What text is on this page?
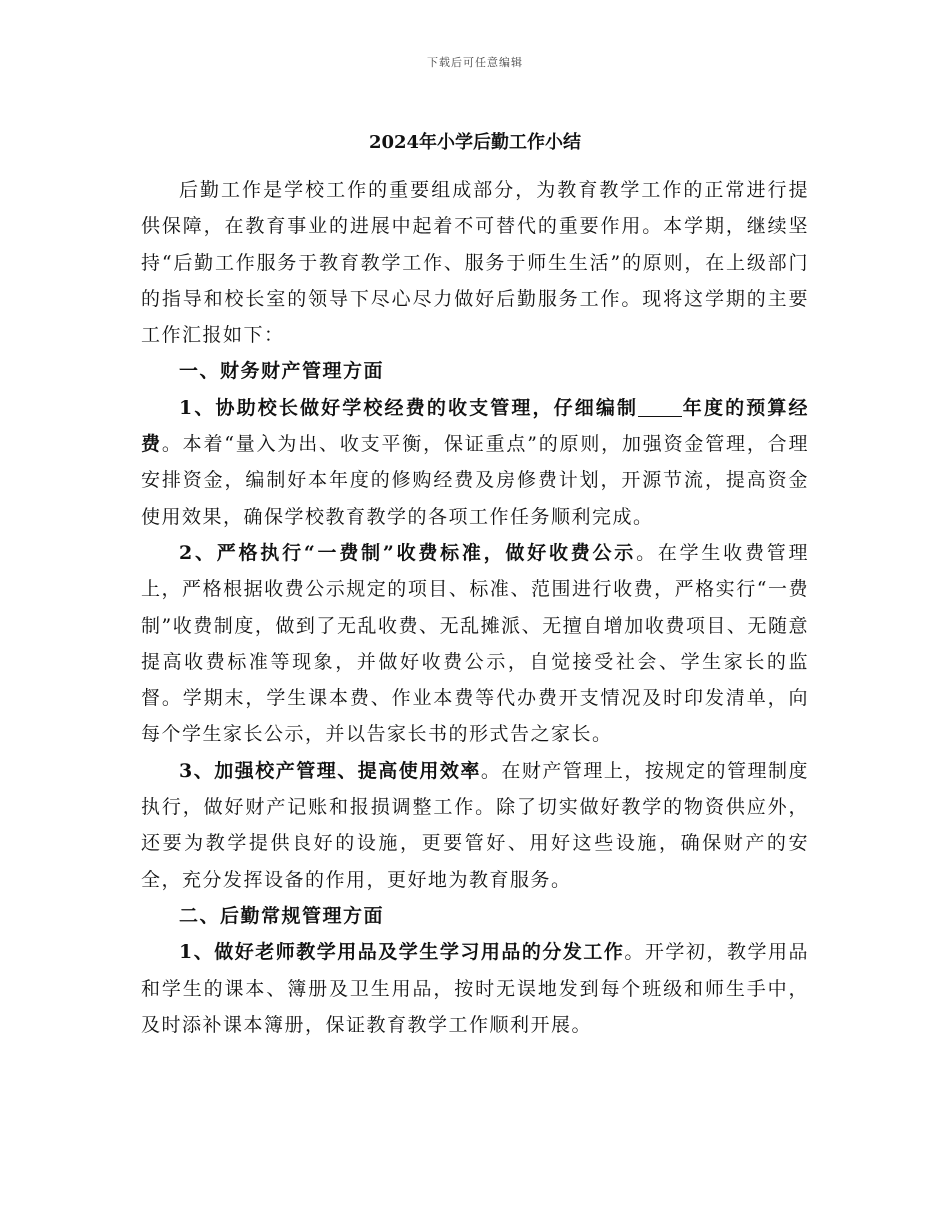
下载后可任意编辑
2024年小学后勤工作小结

后勤工作是学校工作的重要组成部分，为教育教学工作的正常进行提供保障，在教育事业的进展中起着不可替代的重要作用。本学期，继续坚持“后勤工作服务于教育教学工作、服务于师生生活”的原则，在上级部门的指导和校长室的领导下尽心尽力做好后勤服务工作。现将这学期的主要工作汇报如下：

一、财务财产管理方面

1、协助校长做好学校经费的收支管理，仔细编制 年度的预算经费。本着“量入为出、收支平衡，保证重点”的原则，加强资金管理，合理安排资金，编制好本年度的修购经费及房修费计划，开源节流，提高资金使用效果，确保学校教育教学的各项工作任务顺利完成。

2、严格执行“一费制”收费标准，做好收费公示。在学生收费管理上，严格根据收费公示规定的项目、标准、范围进行收费，严格实行“一费制”收费制度，做到了无乱收费、无乱摊派、无擅自增加收费项目、无随意提高收费标准等现象，并做好收费公示，自觉接受社会、学生家长的监督。学期末，学生课本费、作业本费等代办费开支情况及时印发清单，向每个学生家长公示，并以告家长书的形式告之家长。

3、加强校产管理、提高使用效率。在财产管理上，按规定的管理制度执行，做好财产记账和报损调整工作。除了切实做好教学的物资供应外，还要为教学提供良好的设施，更要管好、用好这些设施，确保财产的安全，充分发挥设备的作用，更好地为教育服务。

二、后勤常规管理方面

1、做好老师教学用品及学生学习用品的分发工作。开学初，教学用品和学生的课本、簿册及卫生用品，按时无误地发到每个班级和师生手中，及时添补课本簿册，保证教育教学工作顺利开展。
